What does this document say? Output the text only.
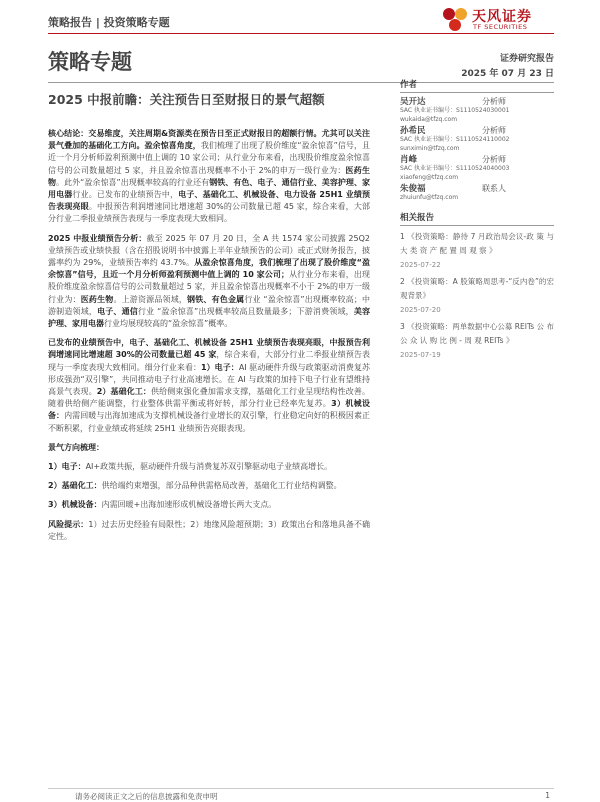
策略报告 | 投资策略专题	天风证券
TF SECURITIES
策略专题	证券研究报告
2025 年 07 月 23 日
2025 中报前瞻：关注预告日至财报日的景气超额

核心结论：交易维度，关注周期&资源类在预告日至正式财报日的超额行情。尤其可以关注景气叠加的基础化工方向。盈余惊喜角度，我们梳理了出现了股价维度“盈余惊喜”信号，且近一个月分析师盈利预测中值上调的 10 家公司；从行业分布来看，出现股价维度盈余惊喜信号的公司数量超过 5 家，并且盈余惊喜出现概率不小于 2%的申万一级行业为：医药生物。此外“盈余惊喜”出现概率较高的行业还有钢铁、有色、电子、通信行业、美容护理、家用电器行业。已发布的业绩预告中，电子、基础化工、机械设备、电力设备 25H1 业绩预告表现亮眼。中报预告利润增速同比增速超 30%的公司数量已超 45 家，综合来看，大部分行业二季报业绩预告表现与一季度表现大致相同。

2025 中报业绩预告分析：截至 2025 年 07 月 20 日，全 A 共 1574 家公司披露 25Q2 业绩预告或业绩快报（含在招股说明书中披露上半年业绩预告的公司）或正式财务报告，披露率约为 29%，业绩预告率约 43.7%。从盈余惊喜角度，我们梳理了出现了股价维度“盈余惊喜”信号，且近一个月分析师盈利预测中值上调的 10 家公司；从行业分布来看，出现股价维度盈余惊喜信号的公司数量超过 5 家，并且盈余惊喜出现概率不小于 2%的申万一级行业为：医药生物。上游资源品领域，钢铁、有色金属行业 “盈余惊喜”出现概率较高；中游制造领域，电子、通信行业 “盈余惊喜”出现概率较高且数量最多；下游消费领域，美容护理、家用电器行业均展现较高的“盈余惊喜”概率。

已发布的业绩预告中，电子、基础化工、机械设备 25H1 业绩预告表现亮眼，中报预告利润增速同比增速超 30%的公司数量已超 45 家，综合来看，大部分行业二季报业绩预告表现与一季度表现大致相同。细分行业来看：1）电子：AI 驱动硬件升级与政策驱动消费复苏形成强劲“双引擎”，共同推动电子行业高速增长。在 AI 与政策的加持下电子行业有望维持高景气表现。2）基础化工：供给侧束强化叠加需求支撑，基础化工行业呈现结构性改善。随着供给侧产能调整，行业整体供需平衡或将好转，部分行业已经率先复苏。3）机械设备：内需回暖与出海加速成为支撑机械设备行业增长的双引擎，行业稳定向好的积极因素正不断积累，行业业绩或将延续 25H1 业绩预告亮眼表现。

景气方向梳理：

1）电子：AI+政策共振，驱动硬件升级与消费复苏双引擎驱动电子业绩高增长。

2）基础化工：供给端约束增强，部分品种供需格局改善，基础化工行业结构调整。

3）机械设备：内需回暖+出海加速形成机械设备增长两大支点。

风险提示：1）过去历史经验有局限性；2）地缘风险超预期；3）政策出台和落地具备不确定性。

作者
吴开达	分析师
SAC 执业证书编号：S1110524030001
wukaida@tfzq.com
孙希民	分析师
SAC 执业证书编号：S1110524110002
sunximin@tfzq.com
肖峰	分析师
SAC 执业证书编号：S1110524040003
xiaofeng@tfzq.com
朱俊福	联系人
zhuiunfu@tfzq.com
相关报告
1 《投资策略：静待 7 月政治局会议-政 策 与 大 类 资 产 配 置 周 观 察 》
2025-07-22
2 《投资策略：A 股策略周思考-“反内卷”的宏观背景》
2025-07-20
3 《投资策略：两单数据中心公募 REITs 公 布 公 众 认 购 比 例 - 周 观 REITs 》
2025-07-19
请务必阅读正文之后的信息披露和免责申明	1
